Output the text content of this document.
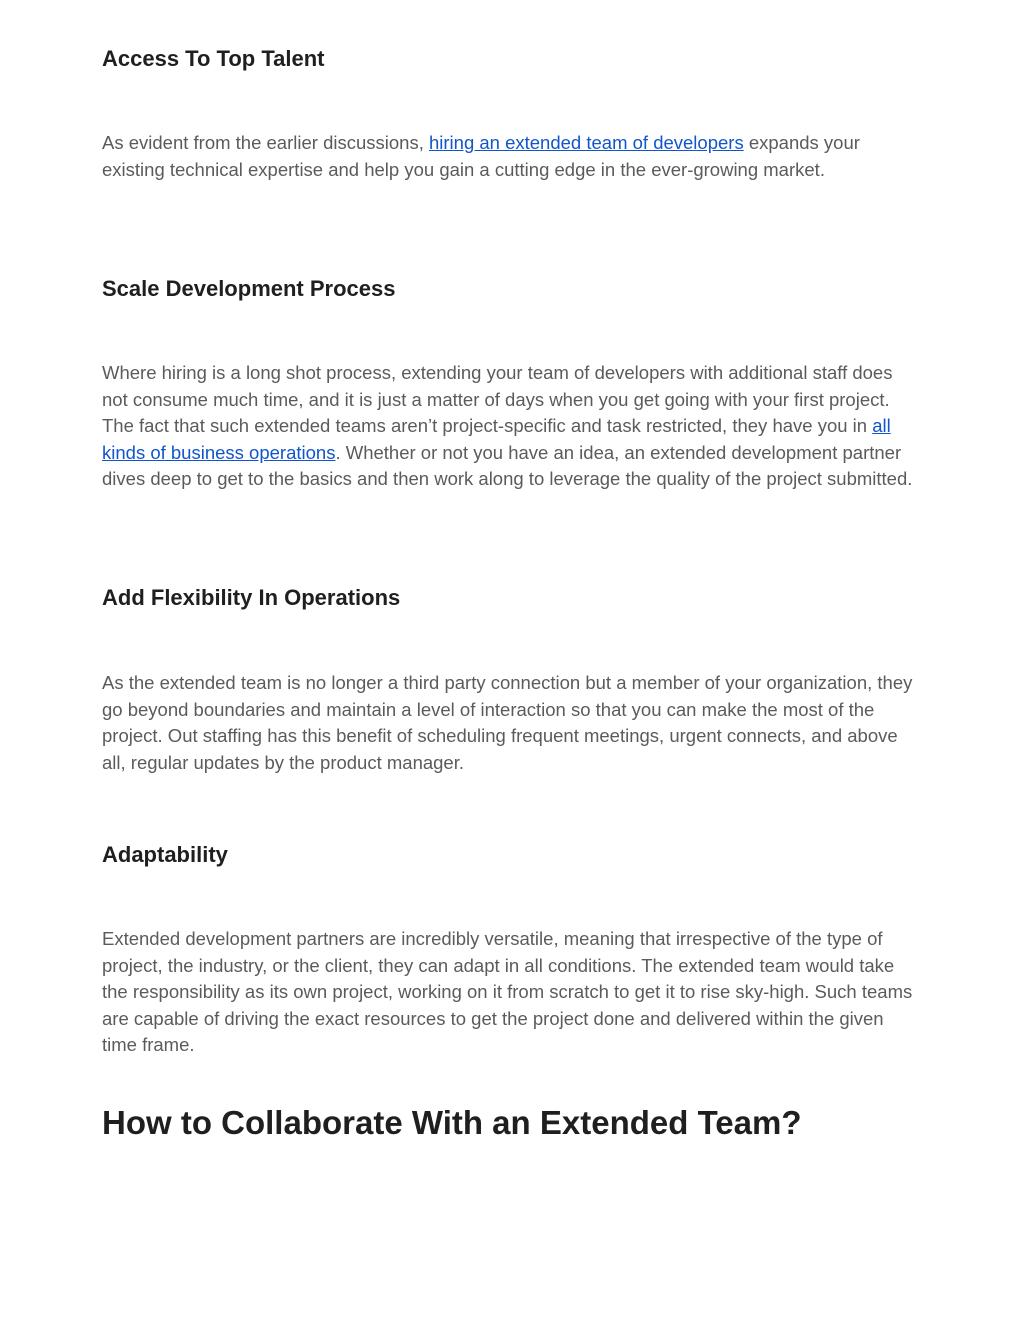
Access To Top Talent

As evident from the earlier discussions, hiring an extended team of developers expands your existing technical expertise and help you gain a cutting edge in the ever-growing market.

Scale Development Process

Where hiring is a long shot process, extending your team of developers with additional staff does not consume much time, and it is just a matter of days when you get going with your first project. The fact that such extended teams aren’t project-specific and task restricted, they have you in all kinds of business operations. Whether or not you have an idea, an extended development partner dives deep to get to the basics and then work along to leverage the quality of the project submitted.

Add Flexibility In Operations

As the extended team is no longer a third party connection but a member of your organization, they go beyond boundaries and maintain a level of interaction so that you can make the most of the project. Out staffing has this benefit of scheduling frequent meetings, urgent connects, and above all, regular updates by the product manager.

Adaptability

Extended development partners are incredibly versatile, meaning that irrespective of the type of project, the industry, or the client, they can adapt in all conditions. The extended team would take the responsibility as its own project, working on it from scratch to get it to rise sky-high. Such teams are capable of driving the exact resources to get the project done and delivered within the given time frame.

How to Collaborate With an Extended Team?
